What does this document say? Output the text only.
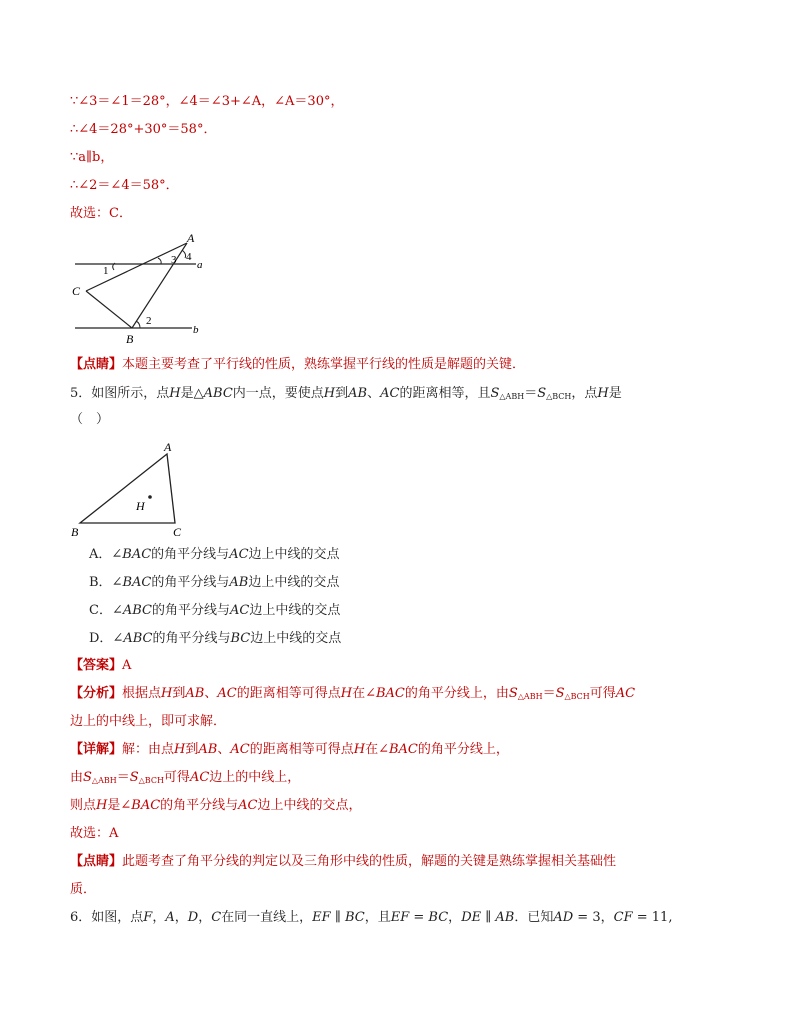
∵∠3＝∠1＝28°，∠4＝∠3+∠A，∠A＝30°，
∴∠4＝28°+30°＝58°．
∵a∥b，
∴∠2＝∠4＝58°．
故选：C．
A
a
C
B
b
1
2
3 4
【点睛】本题主要考查了平行线的性质，熟练掌握平行线的性质是解题的关键．
5．如图所示，点H是△ABC内一点，要使点H到AB、AC的距离相等，且$S_{\triangle ABH}=S_{\triangle BCH}$，点H是
（　）
A
B	C
H
A．∠BAC的角平分线与AC边上中线的交点
B．∠BAC的角平分线与AB边上中线的交点
C．∠ABC的角平分线与AC边上中线的交点
D．∠ABC的角平分线与BC边上中线的交点
【答案】A
【分析】根据点H到AB、AC的距离相等可得点H在∠BAC的角平分线上，由$S_{\triangle ABH}=S_{\triangle BCH}$可得AC
边上的中线上，即可求解．
【详解】解：由点H到AB、AC的距离相等可得点H在∠BAC的角平分线上，
由$S_{\triangle ABH}=S_{\triangle BCH}$可得AC边上的中线上，
则点H是∠BAC的角平分线与AC边上中线的交点，
故选：A
【点睛】此题考查了角平分线的判定以及三角形中线的性质，解题的关键是熟练掌握相关基础性
质．
6．如图，点F，A，D，C在同一直线上，EF ∥ BC，且EF = BC，DE ∥ AB．已知AD = 3，CF = 11,
